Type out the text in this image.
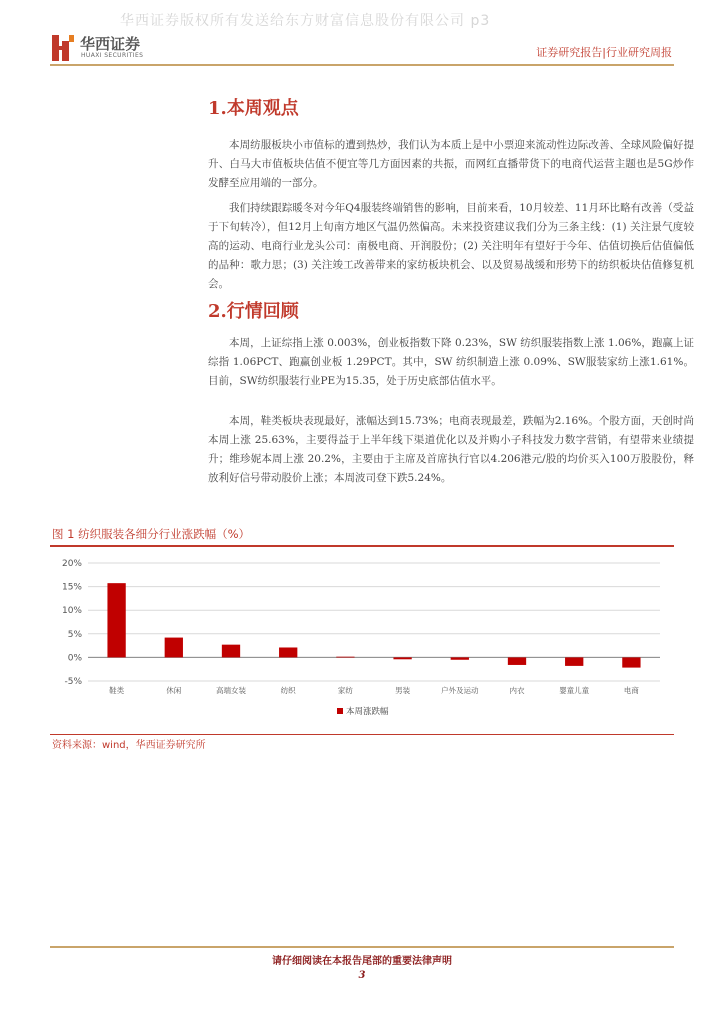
华西证券版权所有发送给东方财富信息股份有限公司 p3
华西证券
HUAXI SECURITIES	证券研究报告|行业研究周报
1.本周观点
本周纺服板块小市值标的遭到热炒，我们认为本质上是中小票迎来流动性边际改善、全球风险偏好提升、白马大市值板块估值不便宜等几方面因素的共振，而网红直播带货下的电商代运营主题也是5G炒作发酵至应用端的一部分。
我们持续跟踪暖冬对今年Q4服装终端销售的影响，目前来看，10月较差、11月环比略有改善（受益于下旬转冷），但12月上旬南方地区气温仍然偏高。未来投资建议我们分为三条主线：(1) 关注景气度较高的运动、电商行业龙头公司：南极电商、开润股份；(2) 关注明年有望好于今年、估值切换后估值偏低的品种：歌力思；(3) 关注竣工改善带来的家纺板块机会、以及贸易战缓和形势下的纺织板块估值修复机会。
2.行情回顾
本周，上证综指上涨 0.003%，创业板指数下降 0.23%，SW 纺织服装指数上涨 1.06%，跑赢上证综指 1.06PCT、跑赢创业板 1.29PCT。其中，SW 纺织制造上涨 0.09%、SW服装家纺上涨1.61%。目前，SW纺织服装行业PE为15.35，处于历史底部估值水平。
本周，鞋类板块表现最好，涨幅达到15.73%；电商表现最差，跌幅为2.16%。个股方面，天创时尚本周上涨 25.63%，主要得益于上半年线下渠道优化以及并购小子科技发力数字营销，有望带来业绩提升；维珍妮本周上涨 20.2%，主要由于主席及首席执行官以4.206港元/股的均价买入100万股股份，释放利好信号带动股价上涨；本周波司登下跌5.24%。
图 1 纺织服装各细分行业涨跌幅（%）
20%
15%
10%
5%
0%
-5%
鞋类	休闲	高端女装	纺织	家纺	男装	户外及运动	内衣	婴童儿童	电商
本周涨跌幅
资料来源：wind，华西证券研究所
请仔细阅读在本报告尾部的重要法律声明
3
